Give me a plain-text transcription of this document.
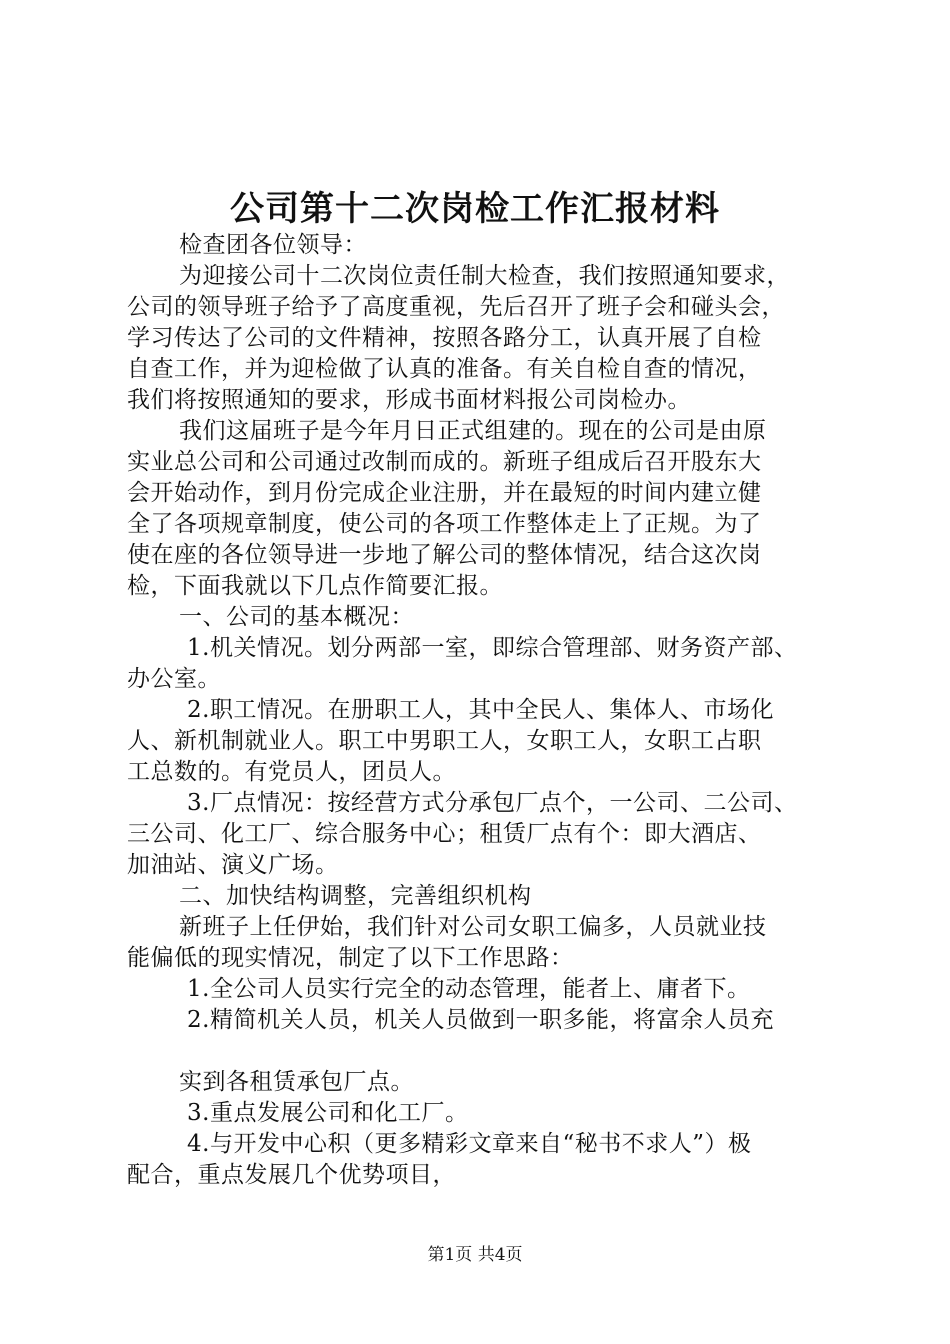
公司第十二次岗检工作汇报材料
检查团各位领导：
为迎接公司十二次岗位责任制大检查，我们按照通知要求，
公司的领导班子给予了高度重视，先后召开了班子会和碰头会，
学习传达了公司的文件精神，按照各路分工，认真开展了自检
自查工作，并为迎检做了认真的准备。有关自检自查的情况，
我们将按照通知的要求，形成书面材料报公司岗检办。
我们这届班子是今年月日正式组建的。现在的公司是由原
实业总公司和公司通过改制而成的。新班子组成后召开股东大
会开始动作，到月份完成企业注册，并在最短的时间内建立健
全了各项规章制度，使公司的各项工作整体走上了正规。为了
使在座的各位领导进一步地了解公司的整体情况，结合这次岗
检，下面我就以下几点作简要汇报。
一、公司的基本概况：
1.机关情况。划分两部一室，即综合管理部、财务资产部、
办公室。
2.职工情况。在册职工人，其中全民人、集体人、市场化
人、新机制就业人。职工中男职工人，女职工人，女职工占职
工总数的。有党员人，团员人。
3.厂点情况：按经营方式分承包厂点个，一公司、二公司、
三公司、化工厂、综合服务中心；租赁厂点有个：即大酒店、
加油站、演义广场。
二、加快结构调整，完善组织机构
新班子上任伊始，我们针对公司女职工偏多，人员就业技
能偏低的现实情况，制定了以下工作思路：
1.全公司人员实行完全的动态管理，能者上、庸者下。
2.精简机关人员，机关人员做到一职多能，将富余人员充
实到各租赁承包厂点。
3.重点发展公司和化工厂。
4.与开发中心积（更多精彩文章来自“秘书不求人”）极
配合，重点发展几个优势项目，
第1页 共4页
